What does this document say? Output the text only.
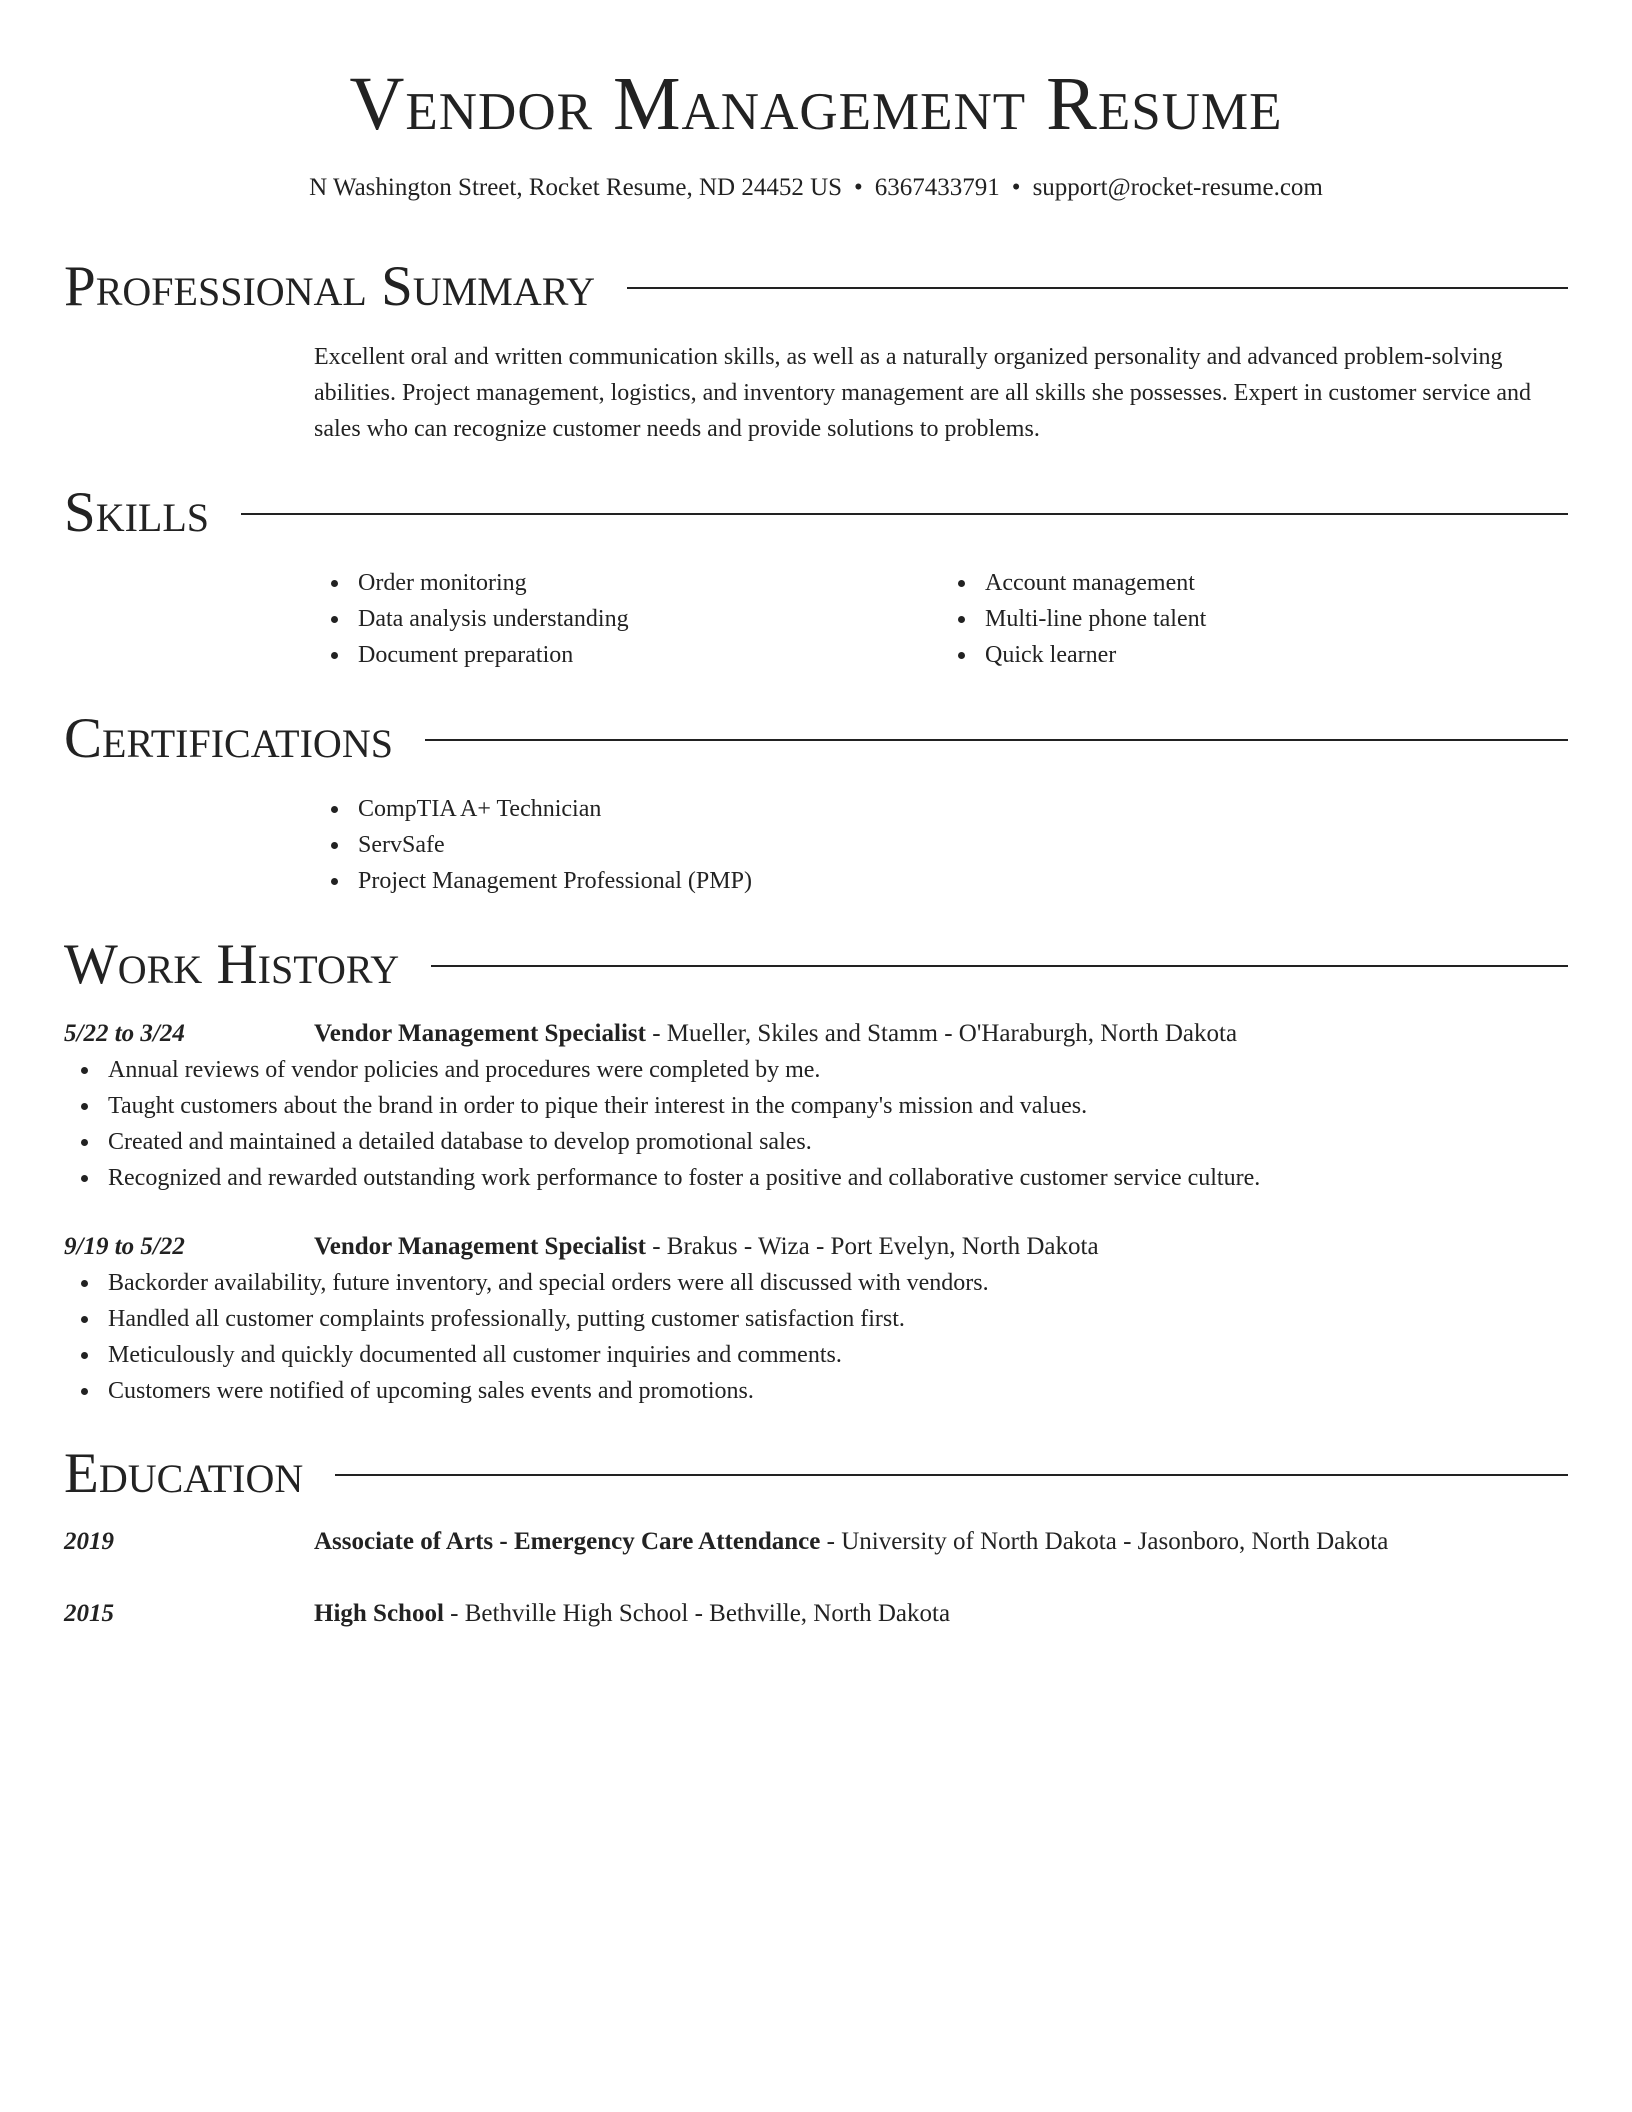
Vendor Management Resume
N Washington Street, Rocket Resume, ND 24452 US • 6367433791 • support@rocket-resume.com
Professional Summary

Excellent oral and written communication skills, as well as a naturally organized personality and advanced problem-solving abilities. Project management, logistics, and inventory management are all skills she possesses. Expert in customer service and sales who can recognize customer needs and provide solutions to problems.

Skills
Order monitoring
Data analysis understanding
Document preparation
Account management
Multi-line phone talent
Quick learner
Certifications
CompTIA A+ Technician
ServSafe
Project Management Professional (PMP)
Work History
5/22 to 3/24	Vendor Management Specialist - Mueller, Skiles and Stamm - O'Haraburgh, North Dakota
Annual reviews of vendor policies and procedures were completed by me.
Taught customers about the brand in order to pique their interest in the company's mission and values.
Created and maintained a detailed database to develop promotional sales.
Recognized and rewarded outstanding work performance to foster a positive and collaborative customer service culture.
9/19 to 5/22	Vendor Management Specialist - Brakus - Wiza - Port Evelyn, North Dakota
Backorder availability, future inventory, and special orders were all discussed with vendors.
Handled all customer complaints professionally, putting customer satisfaction first.
Meticulously and quickly documented all customer inquiries and comments.
Customers were notified of upcoming sales events and promotions.
Education
2019	Associate of Arts - Emergency Care Attendance - University of North Dakota - Jasonboro, North Dakota
2015	High School - Bethville High School - Bethville, North Dakota
